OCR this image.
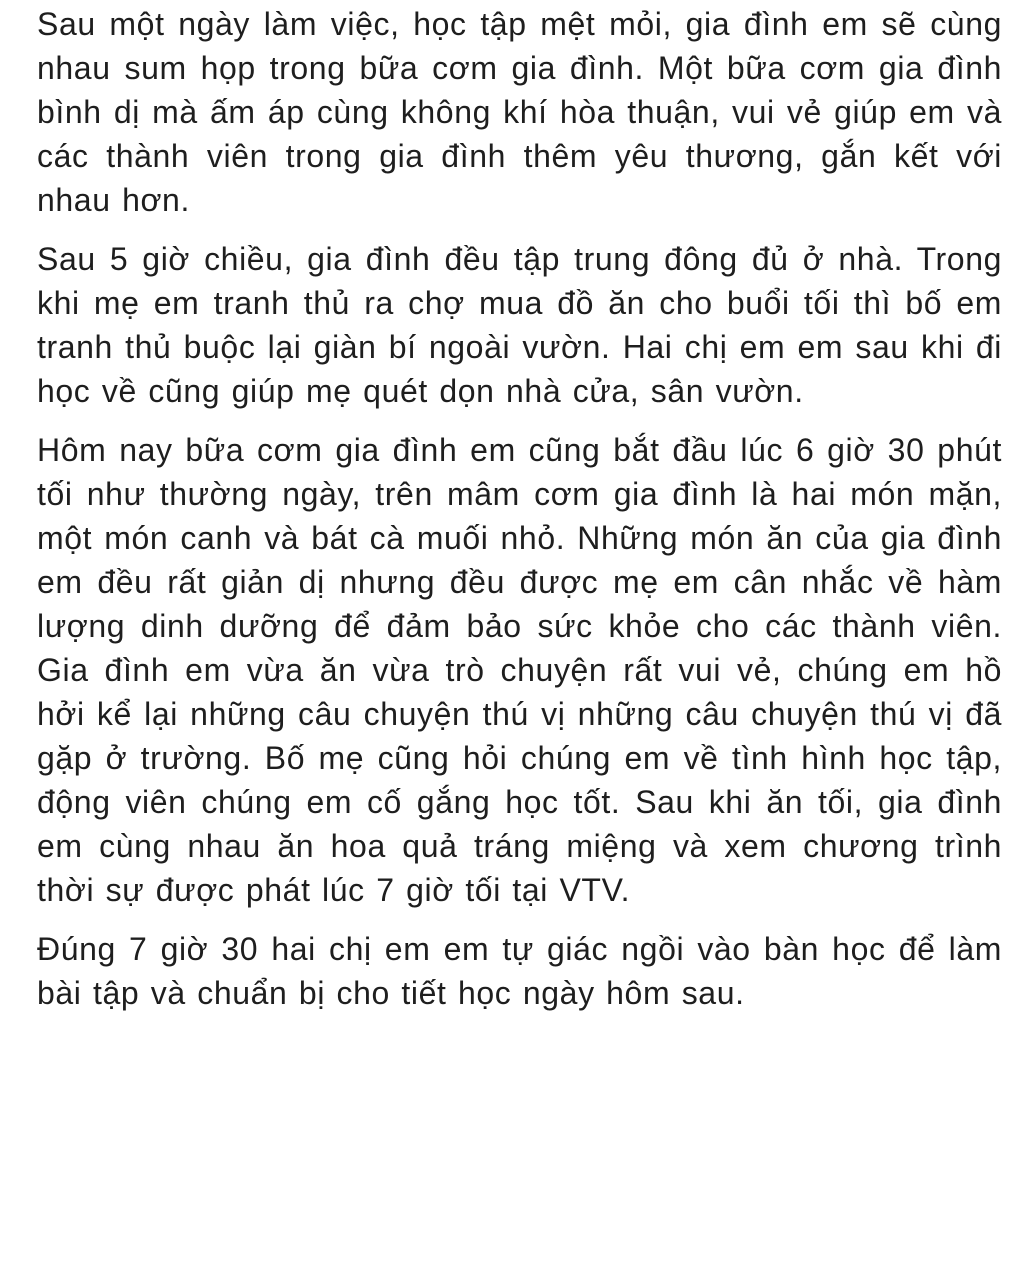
Sau một ngày làm việc, học tập mệt mỏi, gia đình em sẽ cùng nhau sum họp trong bữa cơm gia đình. Một bữa cơm gia đình bình dị mà ấm áp cùng không khí hòa thuận, vui vẻ giúp em và các thành viên trong gia đình thêm yêu thương, gắn kết với nhau hơn.

Sau 5 giờ chiều, gia đình đều tập trung đông đủ ở nhà. Trong khi mẹ em tranh thủ ra chợ mua đồ ăn cho buổi tối thì bố em tranh thủ buộc lại giàn bí ngoài vườn. Hai chị em em sau khi đi học về cũng giúp mẹ quét dọn nhà cửa, sân vườn.

Hôm nay bữa cơm gia đình em cũng bắt đầu lúc 6 giờ 30 phút tối như thường ngày, trên mâm cơm gia đình là hai món mặn, một món canh và bát cà muối nhỏ. Những món ăn của gia đình em đều rất giản dị nhưng đều được mẹ em cân nhắc về hàm lượng dinh dưỡng để đảm bảo sức khỏe cho các thành viên. Gia đình em vừa ăn vừa trò chuyện rất vui vẻ, chúng em hồ hởi kể lại những câu chuyện thú vị những câu chuyện thú vị đã gặp ở trường. Bố mẹ cũng hỏi chúng em về tình hình học tập, động viên chúng em cố gắng học tốt. Sau khi ăn tối, gia đình em cùng nhau ăn hoa quả tráng miệng và xem chương trình thời sự được phát lúc 7 giờ tối tại VTV.

Đúng 7 giờ 30 hai chị em em tự giác ngồi vào bàn học để làm bài tập và chuẩn bị cho tiết học ngày hôm sau.
